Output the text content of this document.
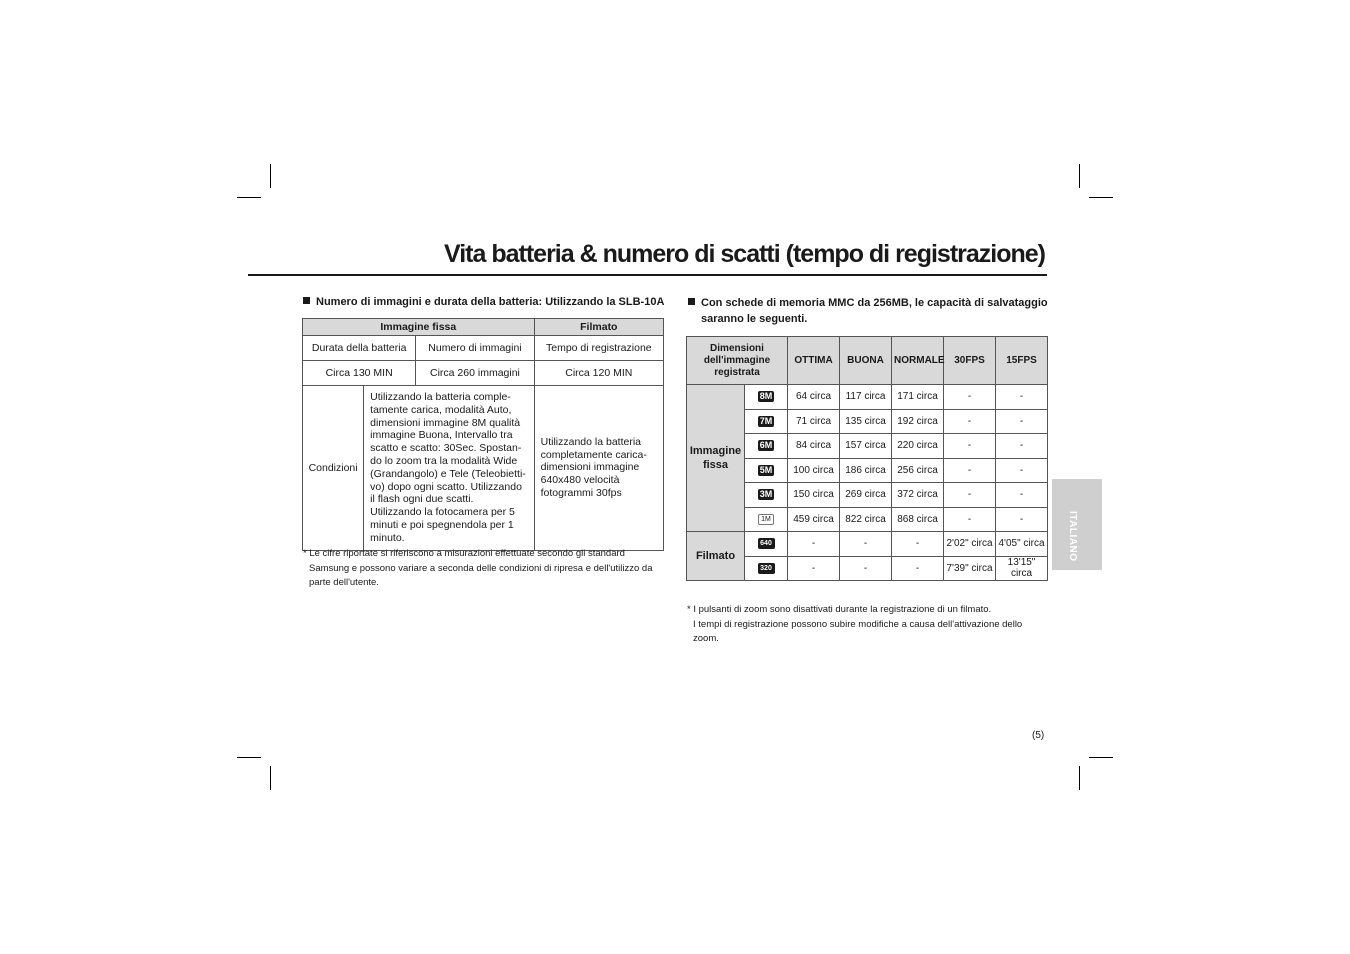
Vita batteria & numero di scatti (tempo di registrazione)
Numero di immagini e durata della batteria: Utilizzando la SLB-10A
Immagine fissa			Filmato
Durata della batteria		Numero di immagini	Tempo di registrazione
Circa 130 MIN		Circa 260 immagini	Circa 120 MIN
Condizioni	Utilizzando la batteria comple-tamente carica, modalità Auto, dimensioni immagine 8M qualità immagine Buona, Intervallo tra scatto e scatto: 30Sec. Spostan-do lo zoom tra la modalità Wide (Grandangolo) e Tele (Teleobietti-vo) dopo ogni scatto. Utilizzando il flash ogni due scatti. Utilizzando la fotocamera per 5 minuti e poi spegnendola per 1 minuto.		Utilizzando la batteria completamente carica-dimensioni immagine 640x480 velocità fotogrammi 30fps
* Le cifre riportate si riferiscono a misurazioni effettuate secondo gli standard Samsung e possono variare a seconda delle condizioni di ripresa e dell'utilizzo da parte dell'utente.
Con schede di memoria MMC da 256MB, le capacità di salvataggio saranno le seguenti.
Dimensioni dell'immagine registrata		OTTIMA	BUONA	NORMALE	30FPS	15FPS
Immagine fissa	8M	64 circa	117 circa	171 circa	-	-
	7M	71 circa	135 circa	192 circa	-	-
	6M	84 circa	157 circa	220 circa	-	-
	5M	100 circa	186 circa	256 circa	-	-
	3M	150 circa	269 circa	372 circa	-	-
	1M	459 circa	822 circa	868 circa	-	-
Filmato	640	-	-	-	2'02" circa	4'05" circa
	320	-	-	-	7'39" circa	13'15" circa
* I pulsanti di zoom sono disattivati durante la registrazione di un filmato.
I tempi di registrazione possono subire modifiche a causa dell'attivazione dello zoom.
ITALIANO
(5)
